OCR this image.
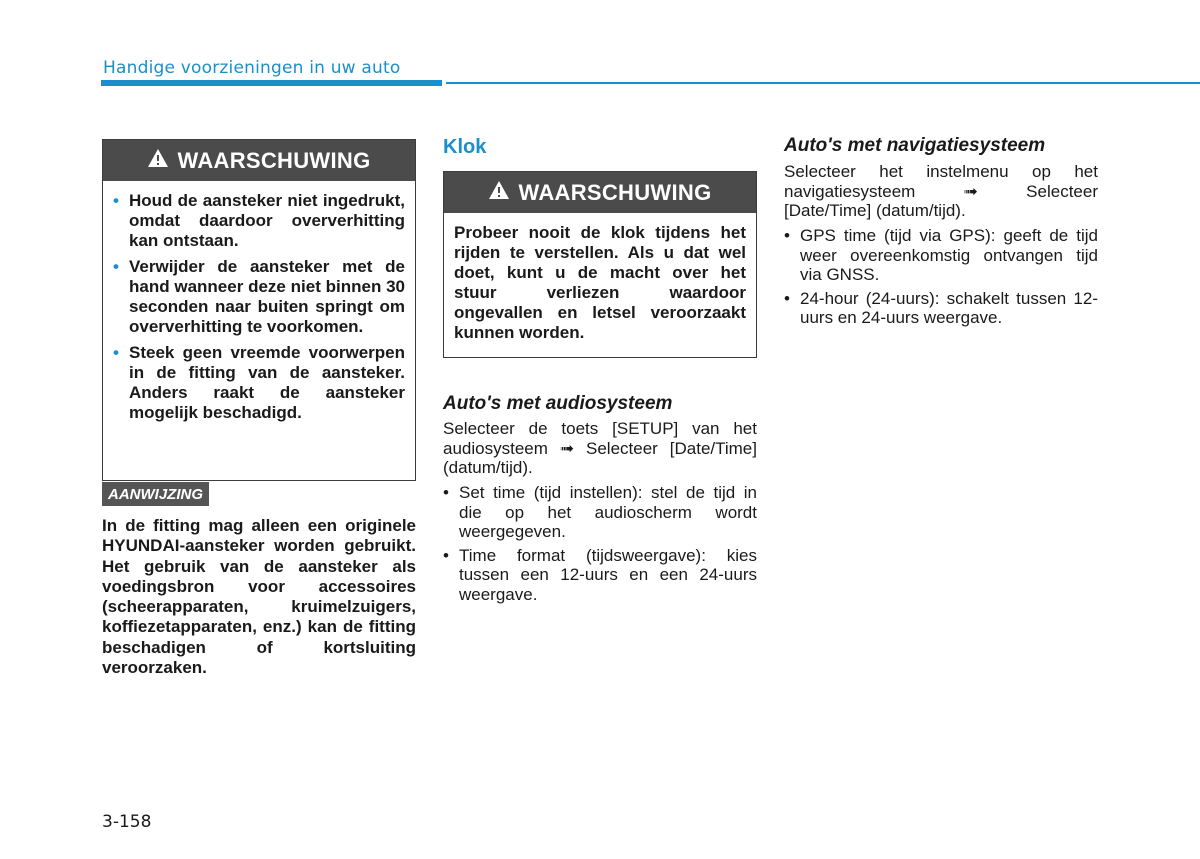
Handige voorzieningen in uw auto
WAARSCHUWING
• Houd de aansteker niet ingedrukt, omdat daardoor oververhitting kan ontstaan.
• Verwijder de aansteker met de hand wanneer deze niet binnen 30 seconden naar buiten springt om oververhitting te voorkomen.
• Steek geen vreemde voorwerpen in de fitting van de aansteker. Anders raakt de aansteker mogelijk beschadigd.
AANWIJZING
In de fitting mag alleen een originele HYUNDAI-aansteker worden gebruikt. Het gebruik van de aansteker als voedingsbron voor accessoires (scheerapparaten, kruimelzuigers, koffiezetapparaten, enz.) kan de fitting beschadigen of kortsluiting veroorzaken.
Klok
WAARSCHUWING
Probeer nooit de klok tijdens het rijden te verstellen. Als u dat wel doet, kunt u de macht over het stuur verliezen waardoor ongevallen en letsel veroorzaakt kunnen worden.
Auto's met audiosysteem
Selecteer de toets [SETUP] van het audiosysteem ➟ Selecteer [Date/Time] (datum/tijd).
• Set time (tijd instellen): stel de tijd in die op het audioscherm wordt weergegeven.
• Time format (tijdsweergave): kies tussen een 12-uurs en een 24-uurs weergave.
Auto's met navigatiesysteem
Selecteer het instelmenu op het navigatiesysteem ➟ Selecteer [Date/Time] (datum/tijd).
• GPS time (tijd via GPS): geeft de tijd weer overeenkomstig ontvangen tijd via GNSS.
• 24-hour (24-uurs): schakelt tussen 12-uurs en 24-uurs weergave.
3-158
